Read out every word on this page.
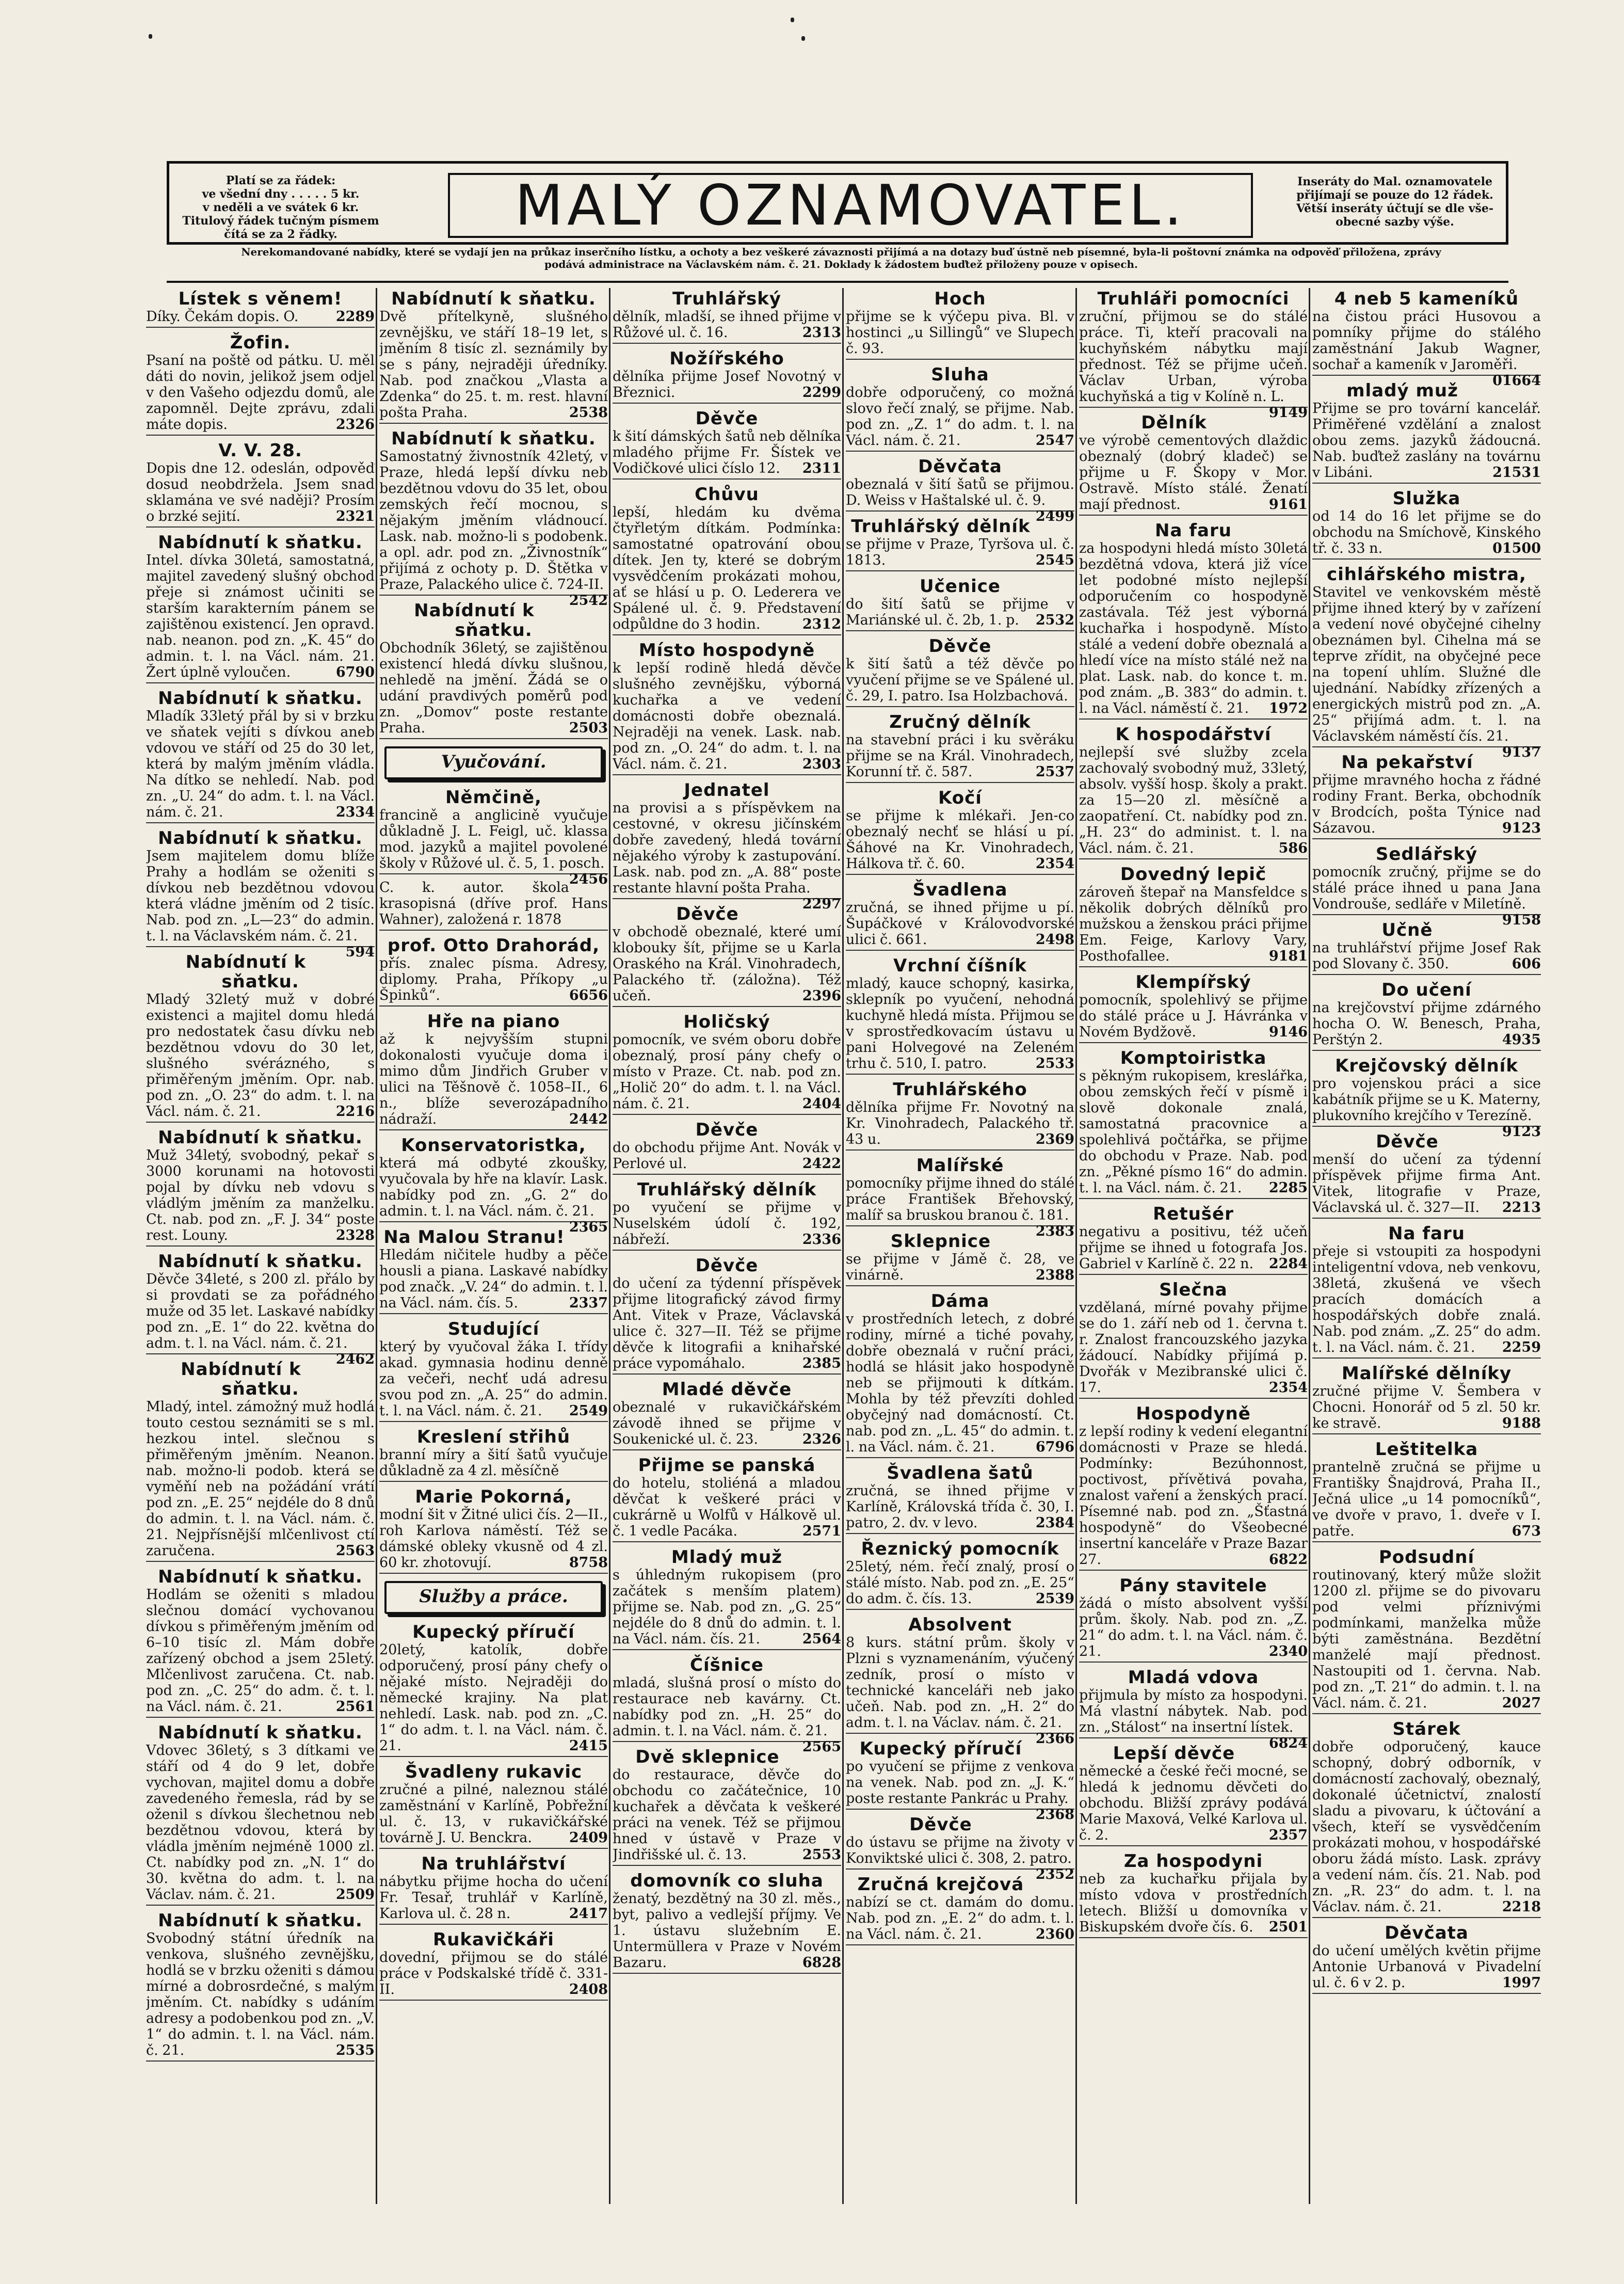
Platí se za řádek:
ve všední dny . . . . . 5 kr.
v neděli a ve svátek 6 kr.
Titulový řádek tučným písmem
čítá se za 2 řádky.	MALÝ OZNAMOVATEL.	Inseráty do Mal. oznamovatele
přijímají se pouze do 12 řádek.
Větší inseráty účtují se dle vše-
obecné sazby výše.
Nerekomandované nabídky, které se vydají jen na průkaz inserčního lístku, a ochoty a bez veškeré závaznosti přijímá a na dotazy buď ústně neb písemné, byla-li poštovní známka na odpověď přiložena, zprávy podává administrace na Václavském nám. č. 21. Doklady k žádostem buďtež přiloženy pouze v opisech.
Lístek s věnem!

Díky. Čekám dopis. O.	2289

Žofin.

Psaní na poště od pátku. U. měl dáti do novin, jelikož jsem odjel v den Vašeho odjezdu domů, ale zapomněl. Dejte zprávu, zdali máte dopis.	2326

V. V. 28.

Dopis dne 12. odeslán, odpověď dosud neobdržela. Jsem snad sklamána ve své naději? Prosím o brzké sejití.	2321

Nabídnutí k sňatku.

Intel. dívka 30letá, samostatná, majitel zavedený slušný obchod přeje si známost učiniti se starším karakterním pánem se zajištěnou existencí. Jen opravd. nab. neanon. pod zn. „K. 45“ do admin. t. l. na Václ. nám. 21. Žert úplně vyloučen.	6790

Nabídnutí k sňatku.

Mladík 33letý přál by si v brzku ve sňatek vejíti s dívkou aneb vdovou ve stáří od 25 do 30 let, která by malým jměním vládla. Na dítko se nehledí. Nab. pod zn. „U. 24“ do adm. t. l. na Václ. nám. č. 21.	2334

Nabídnutí k sňatku.

Jsem majitelem domu blíže Prahy a hodlám se oženiti s dívkou neb bezdětnou vdovou která vládne jměním od 2 tisíc. Nab. pod zn. „L—23“ do admin. t. l. na Václavském nám. č. 21.
594

Nabídnutí k sňatku.

Mladý 32letý muž v dobré existenci a majitel domu hledá pro nedostatek času dívku neb bezdětnou vdovu do 30 let, slušného svérázného, s přiměřeným jměním. Opr. nab. pod zn. „O. 23“ do adm. t. l. na Václ. nám. č. 21.	2216

Nabídnutí k sňatku.

Muž 34letý, svobodný, pekař s 3000 korunami na hotovosti pojal by dívku neb vdovu s vládlým jměním za manželku. Ct. nab. pod zn. „F. J. 34“ poste rest. Louny.	2328

Nabídnutí k sňatku.

Děvče 34leté, s 200 zl. přálo by si provdati se za pořádného muže od 35 let. Laskavé nabídky pod zn. „E. 1“ do 22. května do adm. t. l. na Václ. nám. č. 21.
2462

Nabídnutí k sňatku.

Mladý, intel. zámožný muž hodlá touto cestou seznámiti se s ml. hezkou intel. slečnou s přiměřeným jměním. Neanon. nab. možno-li podob. která se vyměňí neb na požádání vrátí pod zn. „E. 25“ nejdéle do 8 dnů do admin. t. l. na Václ. nám. č. 21. Nejpřísnější mlčenlivost ctí zaručena.	2563

Nabídnutí k sňatku.

Hodlám se oženiti s mladou slečnou domácí vychovanou dívkou s přiměřeným jměním od 6–10 tisíc zl. Mám dobře zařízený obchod a jsem 25letý. Mlčenlivost zaručena. Ct. nab. pod zn. „C. 25“ do adm. č. t. l. na Václ. nám. č. 21.	2561

Nabídnutí k sňatku.

Vdovec 36letý, s 3 dítkami ve stáří od 4 do 9 let, dobře vychovan, majitel domu a dobře zavedeného řemesla, rád by se oženil s dívkou šlechetnou neb bezdětnou vdovou, která by vládla jměním nejméně 1000 zl. Ct. nabídky pod zn. „N. 1“ do 30. května do adm. t. l. na Václav. nám. č. 21.	2509

Nabídnutí k sňatku.

Svobodný státní úředník na venkova, slušného zevnějšku, hodlá se v brzku oženiti s dámou mírné a dobrosrdečné, s malým jměním. Ct. nabídky s udáním adresy a podobenkou pod zn. „V. 1“ do admin. t. l. na Václ. nám. č. 21.	2535

Nabídnutí k sňatku.

Dvě přítelkyně, slušného zevnějšku, ve stáří 18–19 let, s jměním 8 tisíc zl. seznámily by se s pány, nejraději úředníky. Nab. pod značkou „Vlasta a Zdenka“ do 25. t. m. rest. hlavní pošta Praha.	2538

Nabídnutí k sňatku.

Samostatný živnostník 42letý, v Praze, hledá lepší dívku neb bezdětnou vdovu do 35 let, obou zemských řečí mocnou, s nějakým jměním vládnoucí. Lask. nab. možno-li s podobenk. a opl. adr. pod zn. „Živnostník“ přijímá z ochoty p. D. Štětka v Praze, Palackého ulice č. 724-II.
2542

Nabídnutí k sňatku.

Obchodník 36letý, se zajištěnou existencí hledá dívku slušnou, nehledě na jmění. Žádá se o udání pravdivých poměrů pod zn. „Domov“ poste restante Praha.	2503

Vyučování.
Němčině,

francině a anglicině vyučuje důkladně J. L. Feigl, uč. klassa mod. jazyků a majitel povolené školy v Růžové ul. č. 5, 1. posch.
2456

C. k. autor. škola krasopisná (dříve prof. Hans Wahner), založená r. 1878

prof. Otto Drahorád,

přís. znalec písma. Adresy, diplomy. Praha, Příkopy „u Špinků“.	6656

Hře na piano

až k nejvyšším stupni dokonalosti vyučuje doma i mimo dům Jindřich Gruber v ulici na Těšnově č. 1058–II., 6 n., blíže severozápadního nádraží.	2442

Konservatoristka,

která má odbyté zkoušky, vyučovala by hře na klavír. Lask. nabídky pod zn. „G. 2“ do admin. t. l. na Václ. nám. č. 21.
2365

Na Malou Stranu!

Hledám ničitele hudby a pěče housli a piana. Laskavé nabídky pod značk. „V. 24“ do admin. t. l. na Václ. nám. čís. 5.	2337

Studující

který by vyučoval žáka I. třídy akad. gymnasia hodinu denně za večeři, nechť udá adresu svou pod zn. „A. 25“ do admin. t. l. na Václ. nám. č. 21. 2549

Kreslení střihů

branní míry a šití šatů vyučuje důkladně za 4 zl. měsíčně

Marie Pokorná,

modní šit v Žitné ulici čís. 2—II., roh Karlova náměstí. Též se dámské obleky vkusně od 4 zl. 60 kr. zhotovují.	8758

Služby a práce.
Kupecký příručí

20letý, katolík, dobře odporučený, prosí pány chefy o nějaké místo. Nejraději do německé krajiny. Na plat nehledí. Lask. nab. pod zn. „C. 1“ do adm. t. l. na Václ. nám. č. 21.	2415

Švadleny rukavic

zručné a pilné, naleznou stálé zaměstnání v Karlíně, Pobřežní ul. č. 13, v rukavičkářské továrně J. U. Benckra.	2409

Na truhlářství

nábytku přijme hocha do učení Fr. Tesař, truhlář v Karlíně, Karlova ul. č. 28 n.	2417

Rukavičkáři

dovední, přijmou se do stálé práce v Podskalské třídě č. 331-II.	2408

Truhlářský

dělník, mladší, se ihned přijme v Růžové ul. č. 16.	2313

Nožířského

dělníka přijme Josef Novotný v Březnici.	2299

Děvče

k šití dámských šatů neb dělníka mladého přijme Fr. Šístek ve Vodičkové ulici číslo 12. 2311

Chůvu

lepší, hledám ku dvěma čtyřletým dítkám. Podmínka: samostatné opatrování obou dítek. Jen ty, které se dobrým vysvědčením prokázati mohou, ať se hlásí u p. O. Lederera ve Spálené ul. č. 9. Představení odpůldne do 3 hodin.	2312

Místo hospodyně

k lepší rodině hledá děvče slušného zevnějšku, výborná kuchařka a ve vedení domácnosti dobře obeznalá. Nejraději na venek. Lask. nab. pod zn. „O. 24“ do adm. t. l. na Václ. nám. č. 21.	2303

Jednatel

na provisi a s příspěvkem na cestovné, v okresu jičínském dobře zavedený, hledá tovární nějakého výroby k zastupování. Lask. nab. pod zn. „A. 88“ poste restante hlavní pošta Praha.
2297

Děvče

v obchodě obeznalé, které umí klobouky šít, přijme se u Karla Oraského na Král. Vinohradech, Palackého tř. (záložna). Též učeň.	2396

Holičský

pomocník, ve svém oboru dobře obeznalý, prosí pány chefy o místo v Praze. Ct. nab. pod zn. „Holič 20“ do adm. t. l. na Václ. nám. č. 21.	2404

Děvče

do obchodu přijme Ant. Novák v Perlové ul.	2422

Truhlářský dělník

po vyučení se přijme v Nuselském údolí č. 192, nábřeží.	2336

Děvče

do učení za týdenní příspěvek přijme litografický závod firmy Ant. Vitek v Praze, Václavská ulice č. 327—II. Též se přijme děvče k litografii a knihařské práce vypomáhalo.	2385

Mladé děvče

obeznalé v rukavičkářském závodě ihned se přijme v Soukenické ul. č. 23.	2326

Přijme se panská

do hotelu, stoliéná a mladou děvčat k veškeré práci v cukrárně u Wolfů v Hálkově ul. č. 1 vedle Pacáka.	2571

Mladý muž

s úhledným rukopisem (pro začátek s menším platem) přijme se. Nab. pod zn. „G. 25“ nejdéle do 8 dnů do admin. t. l. na Václ. nám. čís. 21.	2564

Číšnice

mladá, slušná prosí o místo do restaurace neb kavárny. Ct. nabídky pod zn. „H. 25“ do admin. t. l. na Václ. nám. č. 21.
2565

Dvě sklepnice

do restaurace, děvče do obchodu co začátečnice, 10 kuchařek a děvčata k veškeré práci na venek. Též se přijmou hned v ústavě v Praze v Jindřišské ul. č. 13.	2553

domovník co sluha

ženatý, bezdětný na 30 zl. měs., byt, palivo a vedlejší příjmy. Ve 1. ústavu služebním E. Untermüllera v Praze v Novém Bazaru.	6828

Hoch

přijme se k výčepu piva. Bl. v hostinci „u Sillingů“ ve Slupech č. 93.

Sluha

dobře odporučený, co možná slovo řečí znalý, se přijme. Nab. pod zn. „Z. 1“ do adm. t. l. na Václ. nám. č. 21.	2547

Děvčata

obeznalá v šití šatů se přijmou. D. Weiss v Haštalské ul. č. 9.
2499

Truhlářský dělník

se přijme v Praze, Tyršova ul. č. 1813.	2545

Učenice

do šití šatů se přijme v Mariánské ul. č. 2b, 1. p. 2532

Děvče

k šití šatů a též děvče po vyučení přijme se ve Spálené ul. č. 29, I. patro. Isa Holzbachová.

Zručný dělník

na stavební práci i ku svěráku přijme se na Král. Vinohradech, Korunní tř. č. 587.	2537

Kočí

se přijme k mlékaři. Jen-co obeznalý nechť se hlásí u pí. Šáhové na Kr. Vinohradech, Hálkova tř. č. 60.	2354

Švadlena

zručná, se ihned přijme u pí. Šupáčkové v Královodvorské ulici č. 661.	2498

Vrchní číšník

mladý, kauce schopný, kasirka, sklepník po vyučení, nehodná kuchyně hledá místa. Přijmou se v sprostředkovacím ústavu u pani Holvegové na Zeleném trhu č. 510, I. patro.	2533

Truhlářského

dělníka přijme Fr. Novotný na Kr. Vinohradech, Palackého tř. 43 u.	2369

Malířské

pomocníky přijme ihned do stálé práce František Břehovský, malíř sa bruskou branou č. 181.
2383

Sklepnice

se přijme v Jámě č. 28, ve vinárně.	2388

Dáma

v prostředních letech, z dobré rodiny, mírné a tiché povahy, dobře obeznalá v ruční práci, hodlá se hlásit jako hospodyně neb se přijmouti k dítkám. Mohla by též převzíti dohled obyčejný nad domácností. Ct. nab. pod zn. „L. 45“ do admin. t. l. na Václ. nám. č. 21.	6796

Švadlena šatů

zručná, se ihned přijme v Karlíně, Královská třída č. 30, I. patro, 2. dv. v levo.	2384

Řeznický pomocník

25letý, ném. řečí znalý, prosí o stálé místo. Nab. pod zn. „E. 25“ do adm. č. čís. 13.	2539

Absolvent

8 kurs. státní prům. školy v Plzni s vyznamenáním, výučený zedník, prosí o místo v technické kanceláři neb jako učeň. Nab. pod zn. „H. 2“ do adm. t. l. na Václav. nám. č. 21.
2366

Kupecký příručí

po vyučení se přijme z venkova na venek. Nab. pod zn. „J. K.“ poste restante Pankrác u Prahy.
2368

Děvče

do ústavu se přijme na životy v Konviktské ulici č. 308, 2. patro.
2352

Zručná krejčová

nabízí se ct. damám do domu. Nab. pod zn. „E. 2“ do adm. t. l. na Václ. nám. č. 21.	2360

Truhláři pomocníci

zruční, přijmou se do stálé práce. Ti, kteří pracovali na kuchyňském nábytku mají přednost. Též se přijme učeň. Václav Urban, výroba kuchyňská a tig v Kolíně n. L.
9149

Dělník

ve výrobě cementových dlaždic obeznalý (dobrý kladeč) se přijme u F. Škopy v Mor. Ostravě. Místo stálé. Ženatí mají přednost.	9161

Na faru

za hospodyni hledá místo 30letá bezdětná vdova, která již více let podobné místo nejlepší odporučením co hospodyně zastávala. Též jest výborná kuchařka i hospodyně. Místo stálé a vedení dobře obeznalá a hledí více na místo stálé než na plat. Lask. nab. do konce t. m. pod znám. „B. 383“ do admin. t. l. na Václ. náměstí č. 21. 1972

K hospodářství

nejlepší své služby zcela zachovalý svobodný muž, 33letý, absolv. vyšší hosp. školy a prakt. za 15—20 zl. měsíčně a zaopatření. Ct. nabídky pod zn. „H. 23“ do administ. t. l. na Václ. nám. č. 21.	586

Dovedný lepič

zároveň štepař na Mansfeldce s několik dobrých dělníků pro mužskou a ženskou práci přijme Em. Feige, Karlovy Vary, Posthofallee.	9181

Klempířský

pomocník, spolehlivý se přijme do stálé práce u J. Hávránka v Novém Bydžově.	9146

Komptoiristka

s pěkným rukopisem, kreslářka, obou zemských řečí v písmě i slově dokonale znalá, samostatná pracovnice a spolehlivá počtářka, se přijme do obchodu v Praze. Nab. pod zn. „Pěkné písmo 16“ do admin. t. l. na Václ. nám. č. 21. 2285

Retušér

negativu a positivu, též učeň přijme se ihned u fotografa Jos. Gabriel v Karlíně č. 22 n. 2284

Slečna

vzdělaná, mírné povahy přijme se do 1. září neb od 1. června t. r. Znalost francouzského jazyka žádoucí. Nabídky přijímá p. Dvořák v Mezibranské ulici č. 17.	2354

Hospodyně

z lepší rodiny k vedení elegantní domácnosti v Praze se hledá. Podmínky: Bezúhonnost, poctivost, přívětivá povaha, znalost vaření a ženských prací. Písemné nab. pod zn. „Šťastná hospodyně“ do Všeobecné insertní kanceláře v Praze Bazar 27.	6822

Pány stavitele

žádá o místo absolvent vyšší prům. školy. Nab. pod zn. „Z. 21“ do adm. t. l. na Václ. nám. č. 21.	2340

Mladá vdova

přijmula by místo za hospodyni. Má vlastní nábytek. Nab. pod zn. „Stálost“ na insertní lístek.
6824

Lepší děvče

německé a české řeči mocné, se hledá k jednomu děvčeti do obchodu. Bližší zprávy podává Marie Maxová, Velké Karlova ul. č. 2.	2357

Za hospodyni

neb za kuchařku přijala by místo vdova v prostředních letech. Bližší u domovníka v Biskupském dvoře čís. 6. 2501

4 neb 5 kameníků

na čistou práci Husovou a pomníky přijme do stálého zaměstnání Jakub Wagner, sochař a kameník v Jaroměři.
01664

mladý muž

Přijme se pro tovární kancelář. Přiměřené vzdělání a znalost obou zems. jazyků žádoucná. Nab. buďtež zaslány na továrnu v Libáni.	21531

Služka

od 14 do 16 let přijme se do obchodu na Smíchově, Kinského tř. č. 33 n.	01500

cihlářského mistra,

Stavitel ve venkovském městě přijme ihned který by v zařízení a vedení nové obyčejné cihelny obeznámen byl. Cihelna má se teprve zřídit, na obyčejné pece na topení uhlím. Služné dle ujednání. Nabídky zřízených a energických mistrů pod zn. „A. 25“ přijímá adm. t. l. na Václavském náměstí čís. 21.
9137

Na pekařství

přijme mravného hocha z řádné rodiny Frant. Berka, obchodník v Brodcích, pošta Týnice nad Sázavou.	9123

Sedlářský

pomocník zručný, přijme se do stálé práce ihned u pana Jana Vondrouše, sedláře v Miletíně.
9158

Učně

na truhlářství přijme Josef Rak pod Slovany č. 350.	606

Do učení

na krejčovství přijme zdárného hocha O. W. Benesch, Praha, Perštýn 2.	4935

Krejčovský dělník

pro vojenskou práci a sice kabátník přijme se u K. Materny, plukovního krejčího v Terezíně.
9123

Děvče

menší do učení za týdenní příspěvek přijme firma Ant. Vitek, litografie v Praze, Václavská ul. č. 327—II. 2213

Na faru

přeje si vstoupiti za hospodyni inteligentní vdova, neb venkovu, 38letá, zkušená ve všech pracích domácích a hospodářských dobře znalá. Nab. pod znám. „Z. 25“ do adm. t. l. na Václ. nám. č. 21. 2259

Malířské dělníky

zručné přijme V. Šembera v Chocni. Honorář od 5 zl. 50 kr. ke stravě.	9188

Leštitelka

prantelně zručná se přijme u Františky Šnajdrová, Praha II., Ječná ulice „u 14 pomocníků“, ve dvoře v pravo, 1. dveře v I. patře.	673

Podsudní

routinovaný, který může složit 1200 zl. přijme se do pivovaru pod velmi příznivými podmínkami, manželka může býti zaměstnána. Bezdětní manželé mají přednost. Nastoupiti od 1. června. Nab. pod zn. „T. 21“ do admin. t. l. na Václ. nám. č. 21.	2027

Stárek

dobře odporučený, kauce schopný, dobrý odborník, v domácností zachovalý, obeznalý, dokonalé účetnictví, znalostí sladu a pivovaru, k účtování a všech, kteří se vysvědčením prokázati mohou, v hospodářské oboru žádá místo. Lask. zprávy a vedení nám. čís. 21. Nab. pod zn. „R. 23“ do adm. t. l. na Václav. nám. č. 21.	2218

Děvčata

do učení umělých květin přijme Antonie Urbanová v Pivadelní ul. č. 6 v 2. p.	1997
